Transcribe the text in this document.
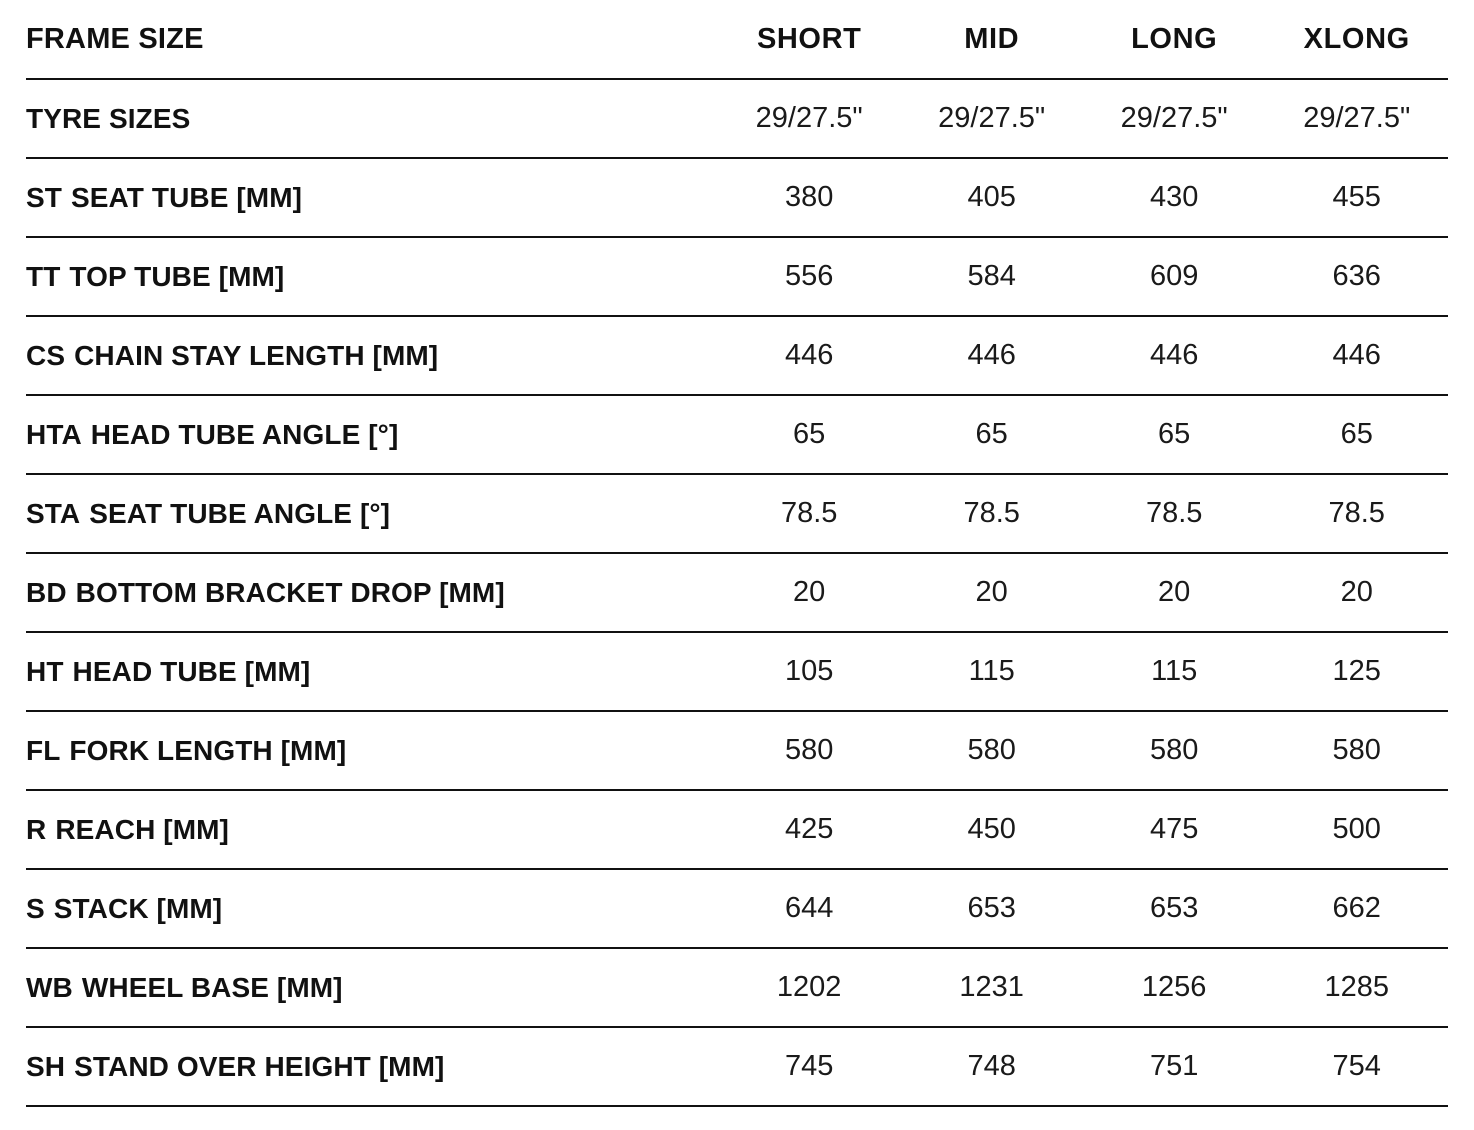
FRAME SIZE	SHORT	MID	LONG	XLONG
TYRE SIZES	29/27.5"	29/27.5"	29/27.5"	29/27.5"
ST SEAT TUBE [MM]	380	405	430	455
TT TOP TUBE [MM]	556	584	609	636
CS CHAIN STAY LENGTH [MM]	446	446	446	446
HTA HEAD TUBE ANGLE [°]	65	65	65	65
STA SEAT TUBE ANGLE [°]	78.5	78.5	78.5	78.5
BD BOTTOM BRACKET DROP [MM]	20	20	20	20
HT HEAD TUBE [MM]	105	115	115	125
FL FORK LENGTH [MM]	580	580	580	580
R REACH [MM]	425	450	475	500
S STACK [MM]	644	653	653	662
WB WHEEL BASE [MM]	1202	1231	1256	1285
SH STAND OVER HEIGHT [MM]	745	748	751	754
